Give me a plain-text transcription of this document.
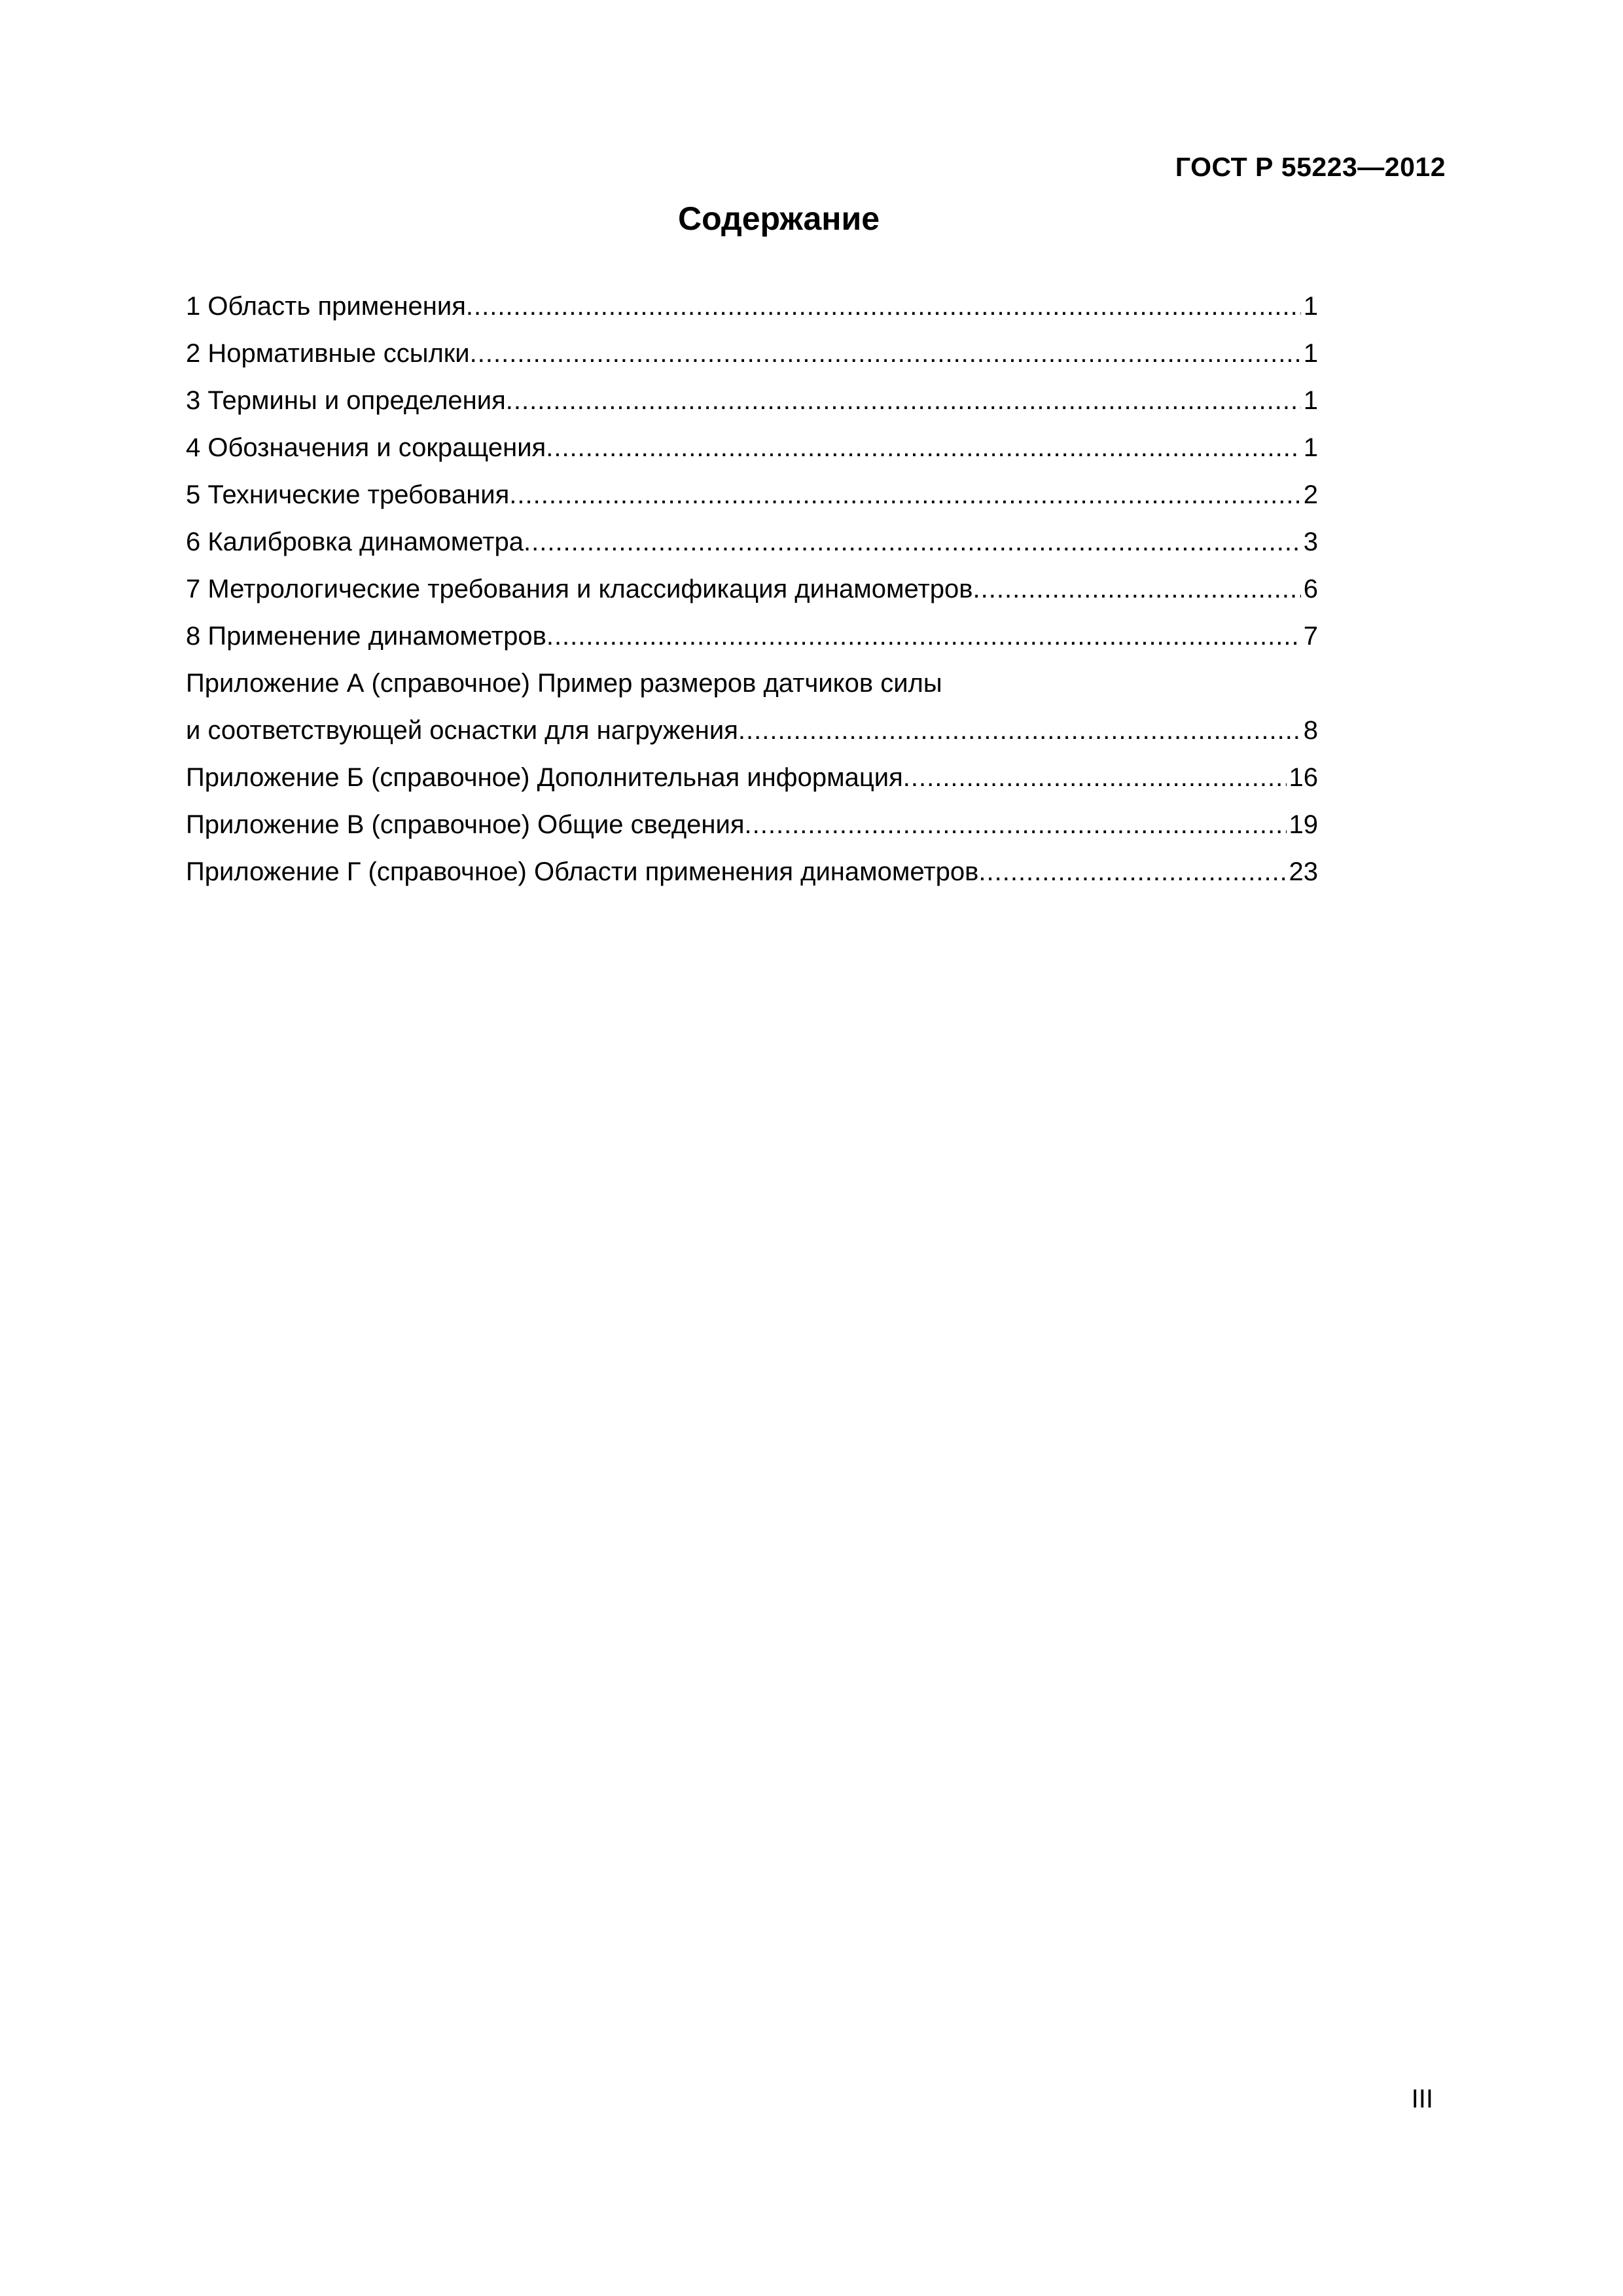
ГОСТ Р 55223—2012
Содержание
1 Область применения .....	1
2 Нормативные ссылки .....	1
3 Термины и определения .....	1
4 Обозначения и сокращения .....	1
5 Технические требования .....	2
6 Калибровка динамометра .....	3
7 Метрологические требования и классификация динамометров .....	6
8 Применение динамометров .....	7
Приложение А (справочное) Пример размеров датчиков силы
и соответствующей оснастки для нагружения .....	8
Приложение Б (справочное) Дополнительная информация .....	16
Приложение В (справочное) Общие сведения .....	19
Приложение Г (справочное) Области применения динамометров .....	23
III
